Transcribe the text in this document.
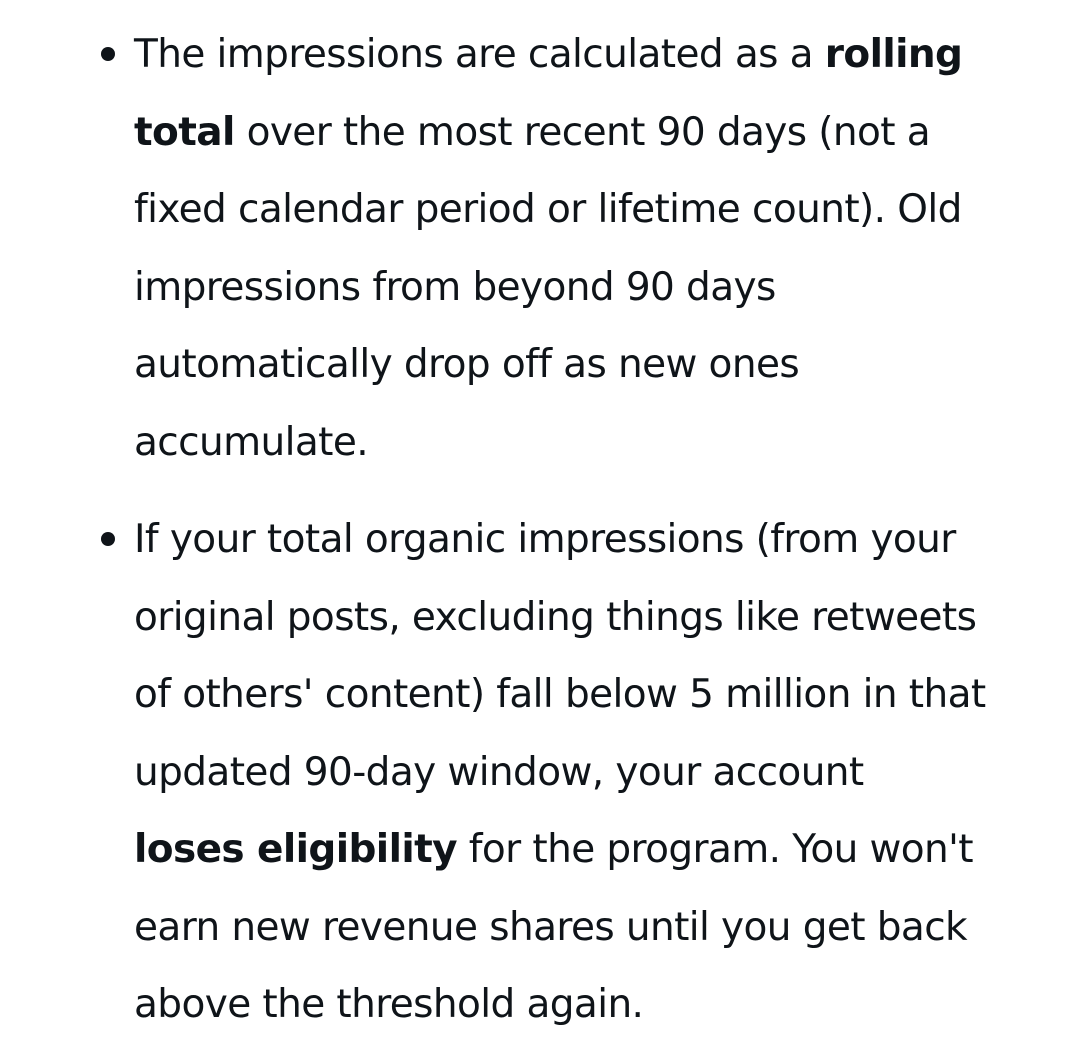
The impressions are calculated as a rolling
total over the most recent 90 days (not a
fixed calendar period or lifetime count). Old
impressions from beyond 90 days
automatically drop off as new ones
accumulate.
If your total organic impressions (from your
original posts, excluding things like retweets
of others' content) fall below 5 million in that
updated 90-day window, your account
loses eligibility for the program. You won't
earn new revenue shares until you get back
above the threshold again.
